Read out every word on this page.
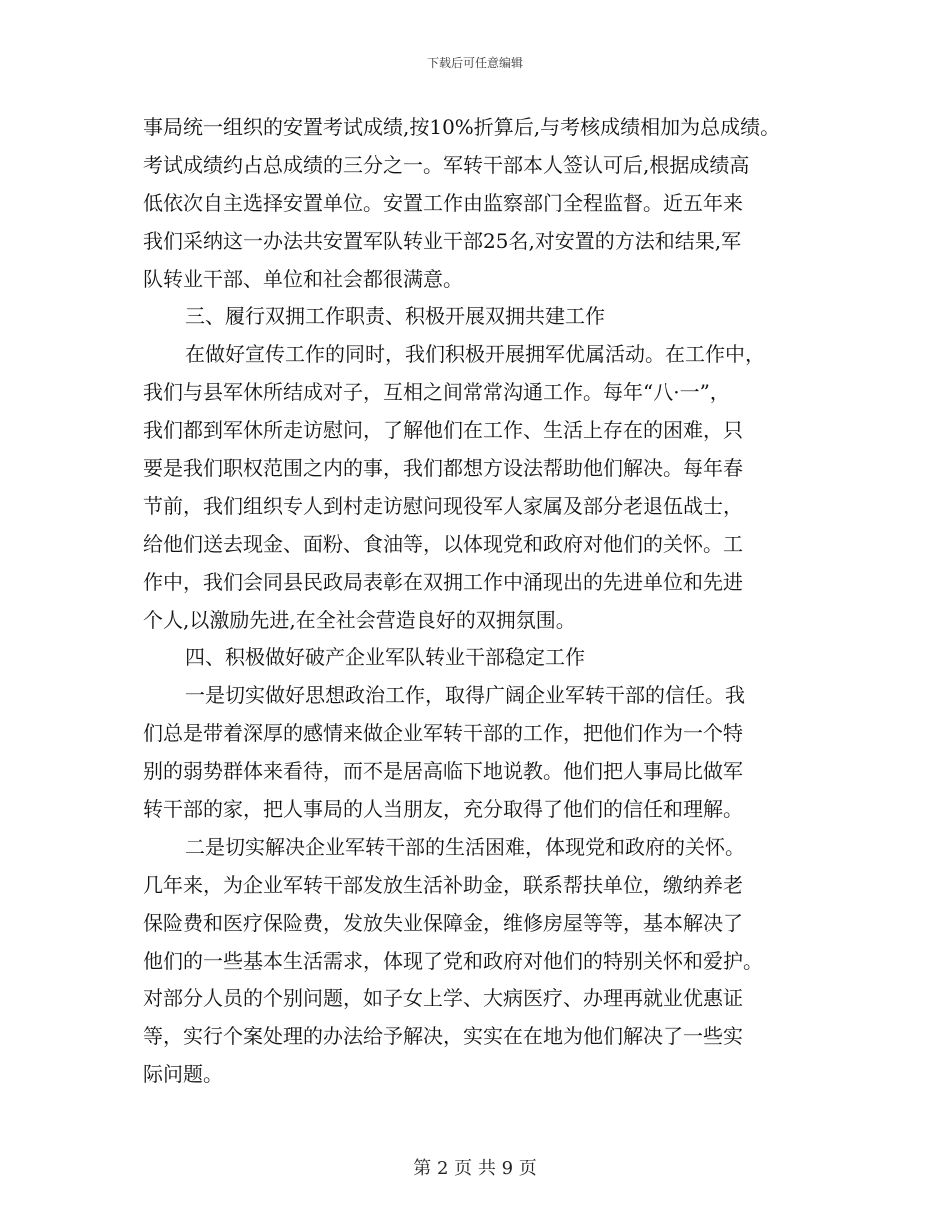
下载后可任意编辑
事局统一组织的安置考试成绩,按10%折算后,与考核成绩相加为总成绩。
考试成绩约占总成绩的三分之一。军转干部本人签认可后,根据成绩高
低依次自主选择安置单位。安置工作由监察部门全程监督。近五年来
我们采纳这一办法共安置军队转业干部25名,对安置的方法和结果,军
队转业干部、单位和社会都很满意。
三、履行双拥工作职责、积极开展双拥共建工作
在做好宣传工作的同时，我们积极开展拥军优属活动。在工作中，
我们与县军休所结成对子，互相之间常常沟通工作。每年“八·一”，
我们都到军休所走访慰问，了解他们在工作、生活上存在的困难，只
要是我们职权范围之内的事，我们都想方设法帮助他们解决。每年春
节前，我们组织专人到村走访慰问现役军人家属及部分老退伍战士，
给他们送去现金、面粉、食油等，以体现党和政府对他们的关怀。工
作中，我们会同县民政局表彰在双拥工作中涌现出的先进单位和先进
个人,以激励先进,在全社会营造良好的双拥氛围。
四、积极做好破产企业军队转业干部稳定工作
一是切实做好思想政治工作，取得广阔企业军转干部的信任。我
们总是带着深厚的感情来做企业军转干部的工作，把他们作为一个特
别的弱势群体来看待，而不是居高临下地说教。他们把人事局比做军
转干部的家，把人事局的人当朋友，充分取得了他们的信任和理解。
二是切实解决企业军转干部的生活困难，体现党和政府的关怀。
几年来，为企业军转干部发放生活补助金，联系帮扶单位，缴纳养老
保险费和医疗保险费，发放失业保障金，维修房屋等等，基本解决了
他们的一些基本生活需求，体现了党和政府对他们的特别关怀和爱护。
对部分人员的个别问题，如子女上学、大病医疗、办理再就业优惠证
等，实行个案处理的办法给予解决，实实在在地为他们解决了一些实
际问题。
第 2 页 共 9 页
